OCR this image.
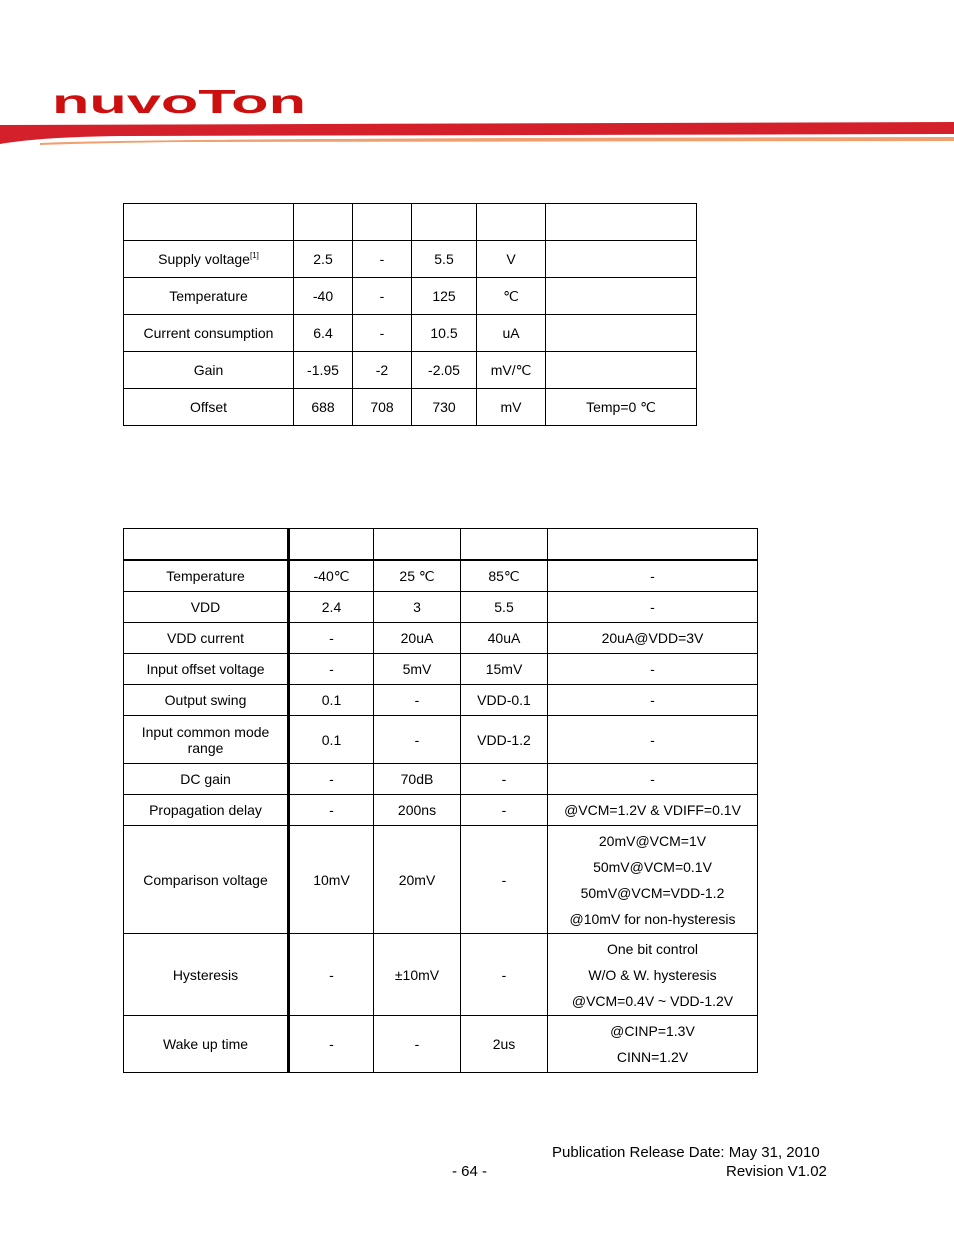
nuvoTon

Supply voltage[1]	2.5	-	5.5	V	
Temperature	-40	-	125	℃	
Current consumption	6.4	-	10.5	uA	
Gain	-1.95	-2	-2.05	mV/℃	
Offset	688	708	730	mV	Temp=0 ℃

Temperature	-40℃	25 ℃	85℃	-

VDD	2.4	3	5.5	-

VDD current	-	20uA	40uA	20uA@VDD=3V

Input offset voltage	-	5mV	15mV	-

Output swing	0.1	-	VDD-0.1	-

Input common mode
range	0.1	-	VDD-1.2	-

DC gain	-	70dB	-	-

Propagation delay	-	200ns	-	@VCM=1.2V & VDIFF=0.1V

Comparison voltage	10mV	20mV	-	20mV@VCM=1V
50mV@VCM=0.1V
50mV@VCM=VDD-1.2
@10mV for non-hysteresis

Hysteresis	-	±10mV	-	One bit control
W/O & W. hysteresis
@VCM=0.4V ~ VDD-1.2V

Wake up time	-	-	2us	@CINP=1.3V
CINN=1.2V
Publication Release Date: May 31, 2010
- 64 -	Revision V1.02
